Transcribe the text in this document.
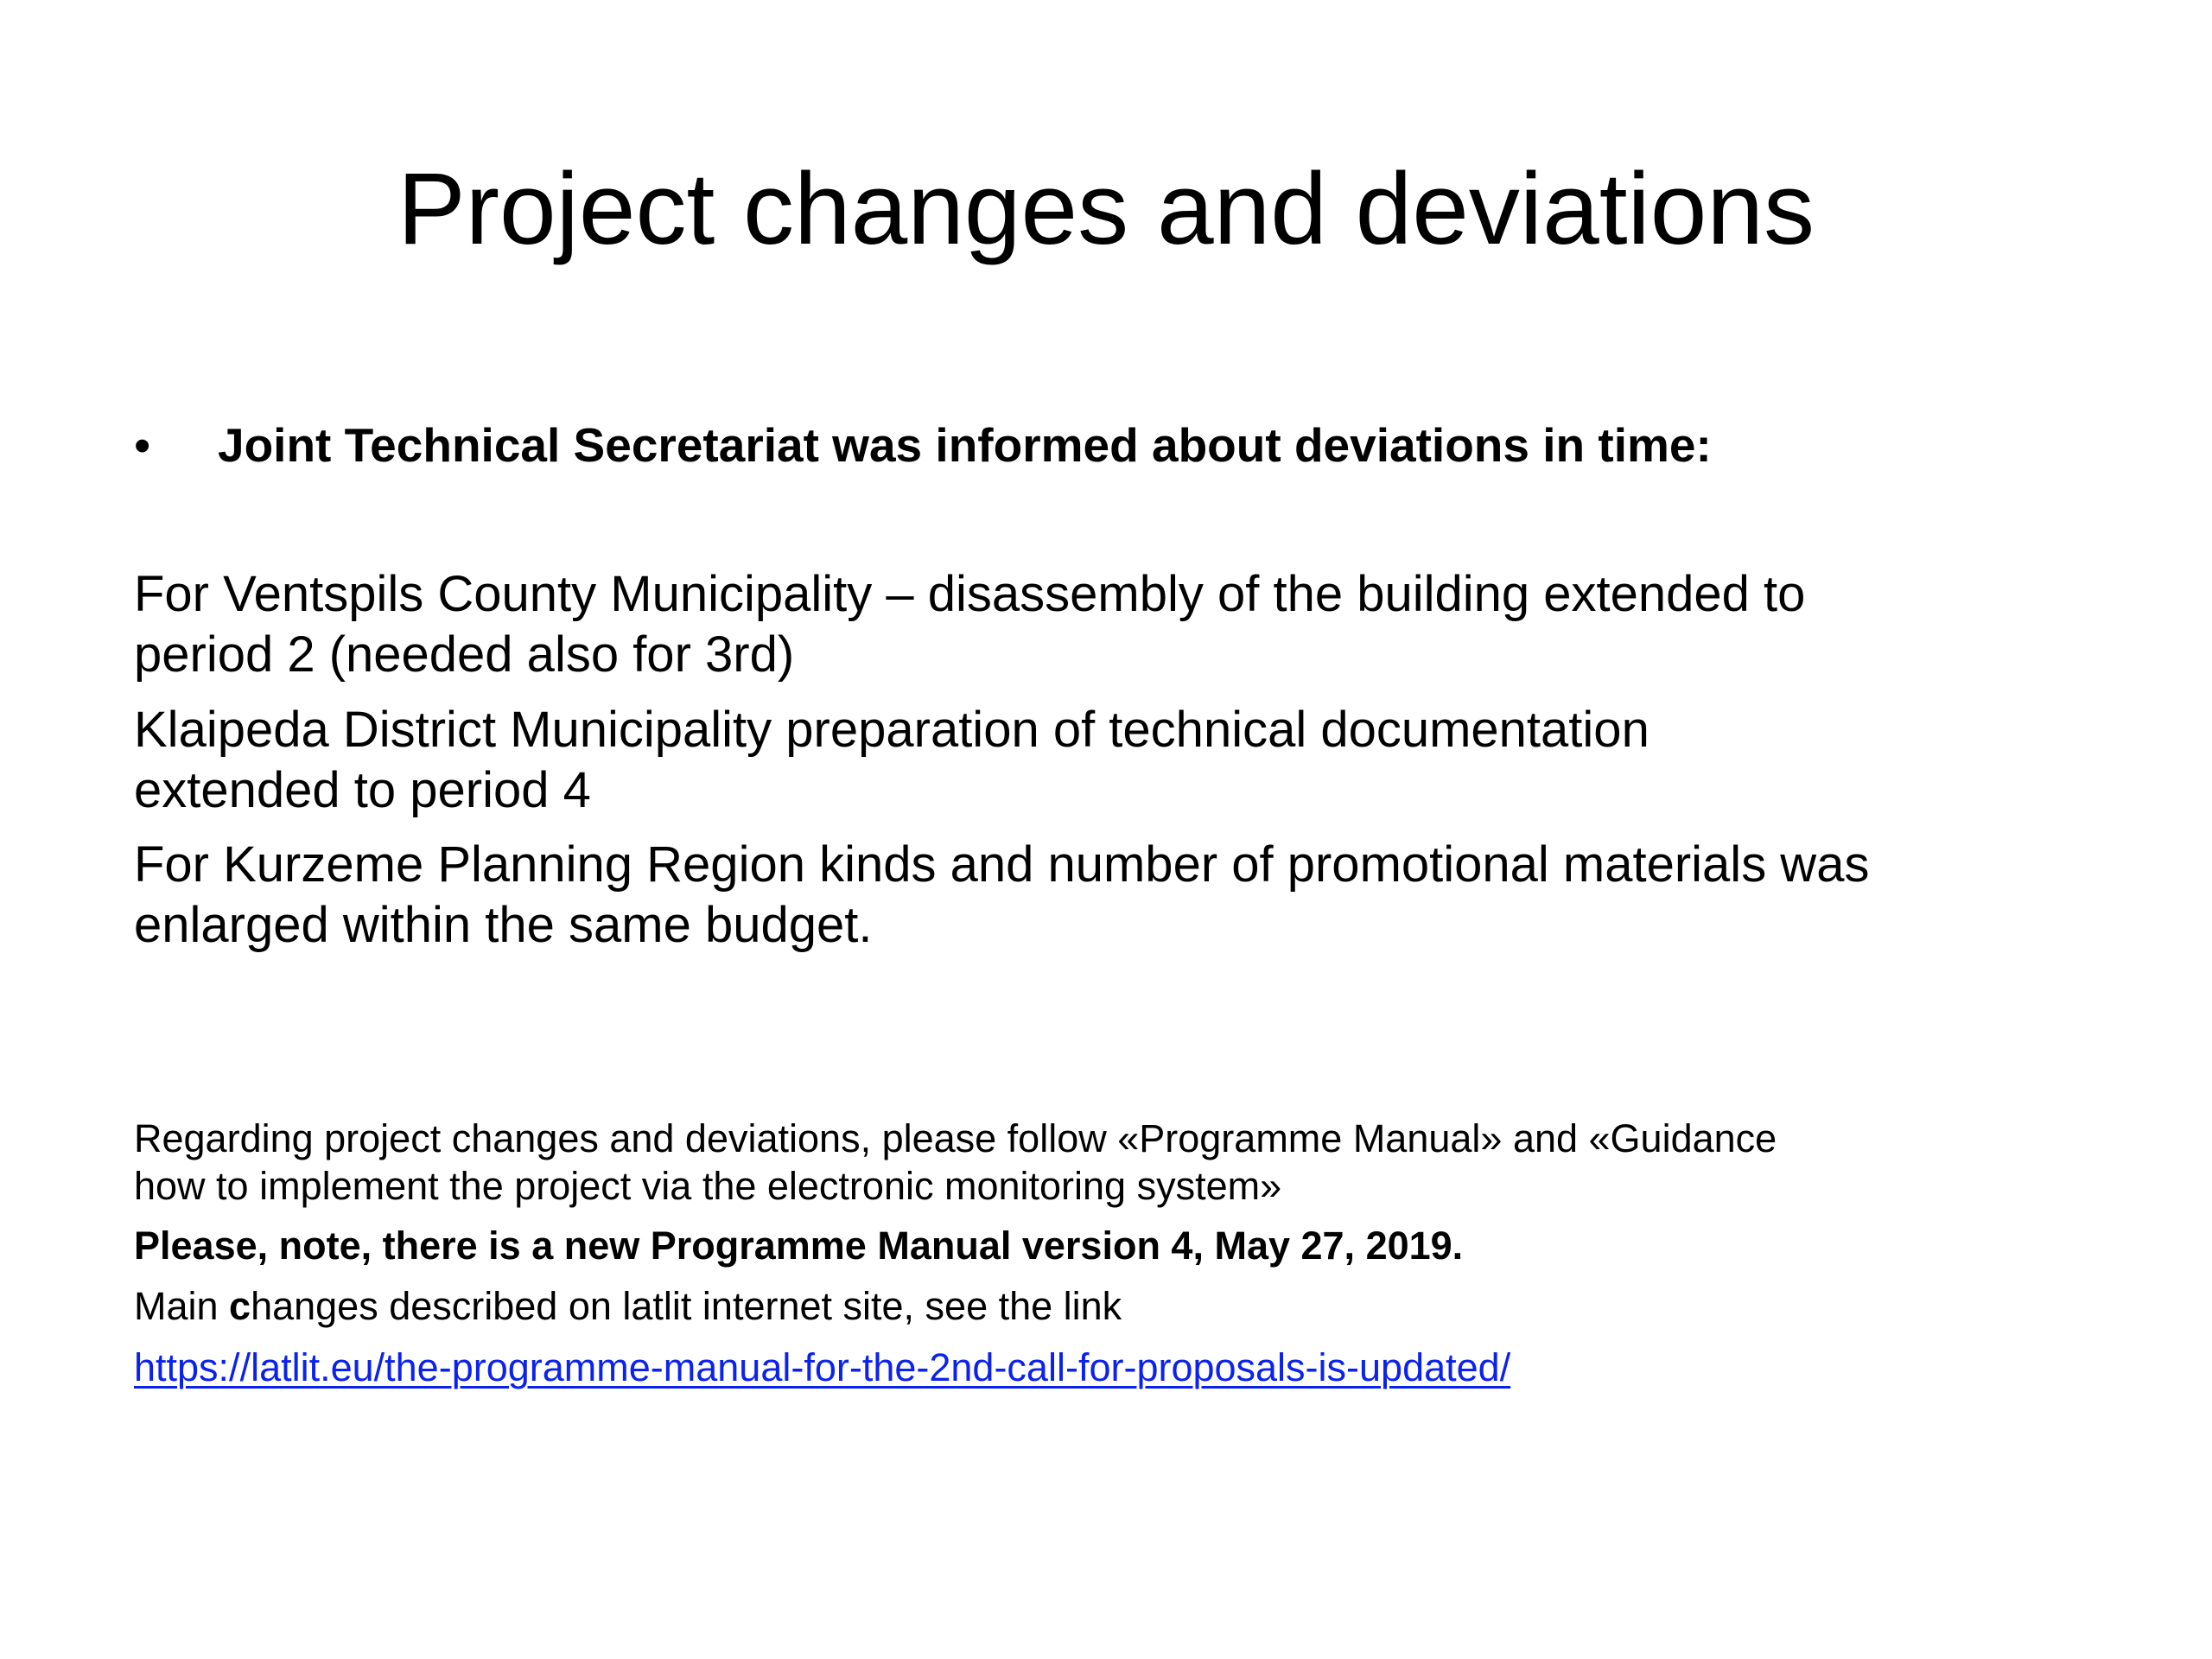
Project changes and deviations
• Joint Technical Secretariat was informed about deviations in time:

For Ventspils County Municipality – disassembly of the building extended to

period 2 (needed also for 3rd)

Klaipeda District Municipality preparation of technical documentation

extended to period 4

For Kurzeme Planning Region kinds and number of promotional materials was

enlarged within the same budget.

Regarding project changes and deviations, please follow «Programme Manual» and «Guidance

how to implement the project via the electronic monitoring system»

Please, note, there is a new Programme Manual version 4, May 27, 2019.

Main changes described on latlit internet site, see the link

https://latlit.eu/the-programme-manual-for-the-2nd-call-for-proposals-is-updated/
